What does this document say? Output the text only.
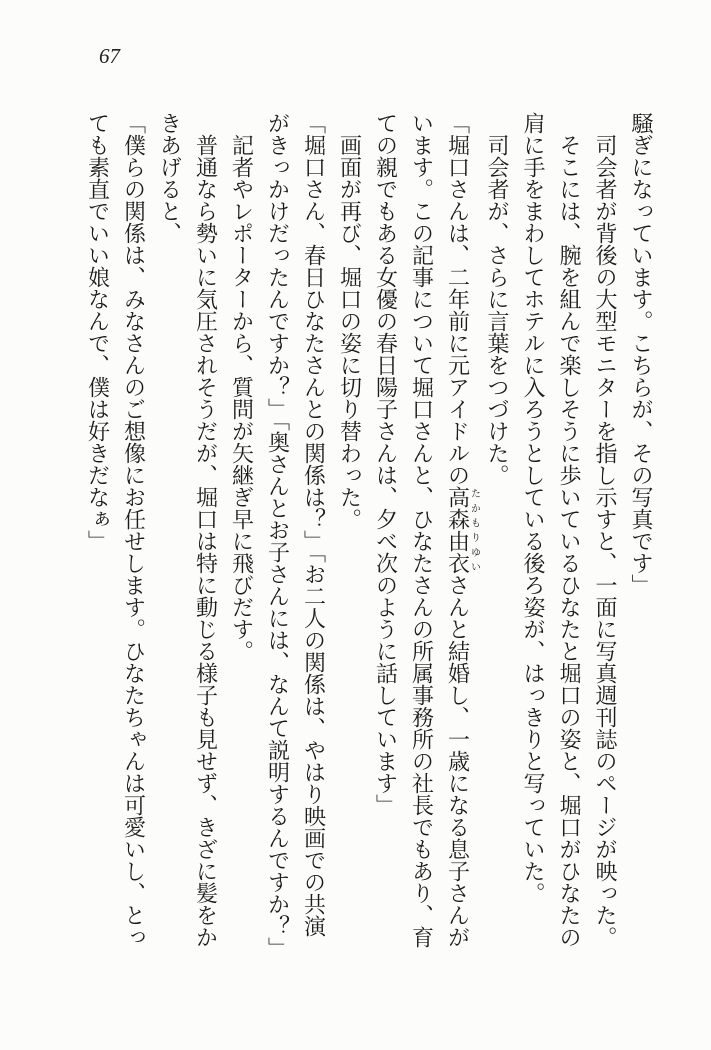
67

騒ぎになっています。こちらが、その写真です」

　司会者が背後の大型モニターを指し示すと、一面に写真週刊誌のページが映った。

　そこには、腕を組んで楽しそうに歩いているひなたと堀口の姿と、堀口がひなたの

肩に手をまわしてホテルに入ろうとしている後ろ姿が、はっきりと写っていた。

　司会者が、さらに言葉をつづけた。

「堀口さんは、二年前に元アイドルの高森由衣たかもりゆいさんと結婚し、一歳になる息子さんが

います。この記事について堀口さんと、ひなたさんの所属事務所の社長でもあり、育

ての親でもある女優の春日陽子さんは、夕べ次のように話しています」

　画面が再び、堀口の姿に切り替わった。

「堀口さん、春日ひなたさんとの関係は？」「お二人の関係は、やはり映画での共演

がきっかけだったんですか？」「奥さんとお子さんには、なんて説明するんですか？」

　記者やレポーターから、質問が矢継ぎ早に飛びだす。

　普通なら勢いに気圧されそうだが、堀口は特に動じる様子も見せず、きざに髪をか

きあげると、

「僕らの関係は、みなさんのご想像にお任せします。ひなたちゃんは可愛いし、とっ

ても素直でいい娘なんで、僕は好きだなぁ」
